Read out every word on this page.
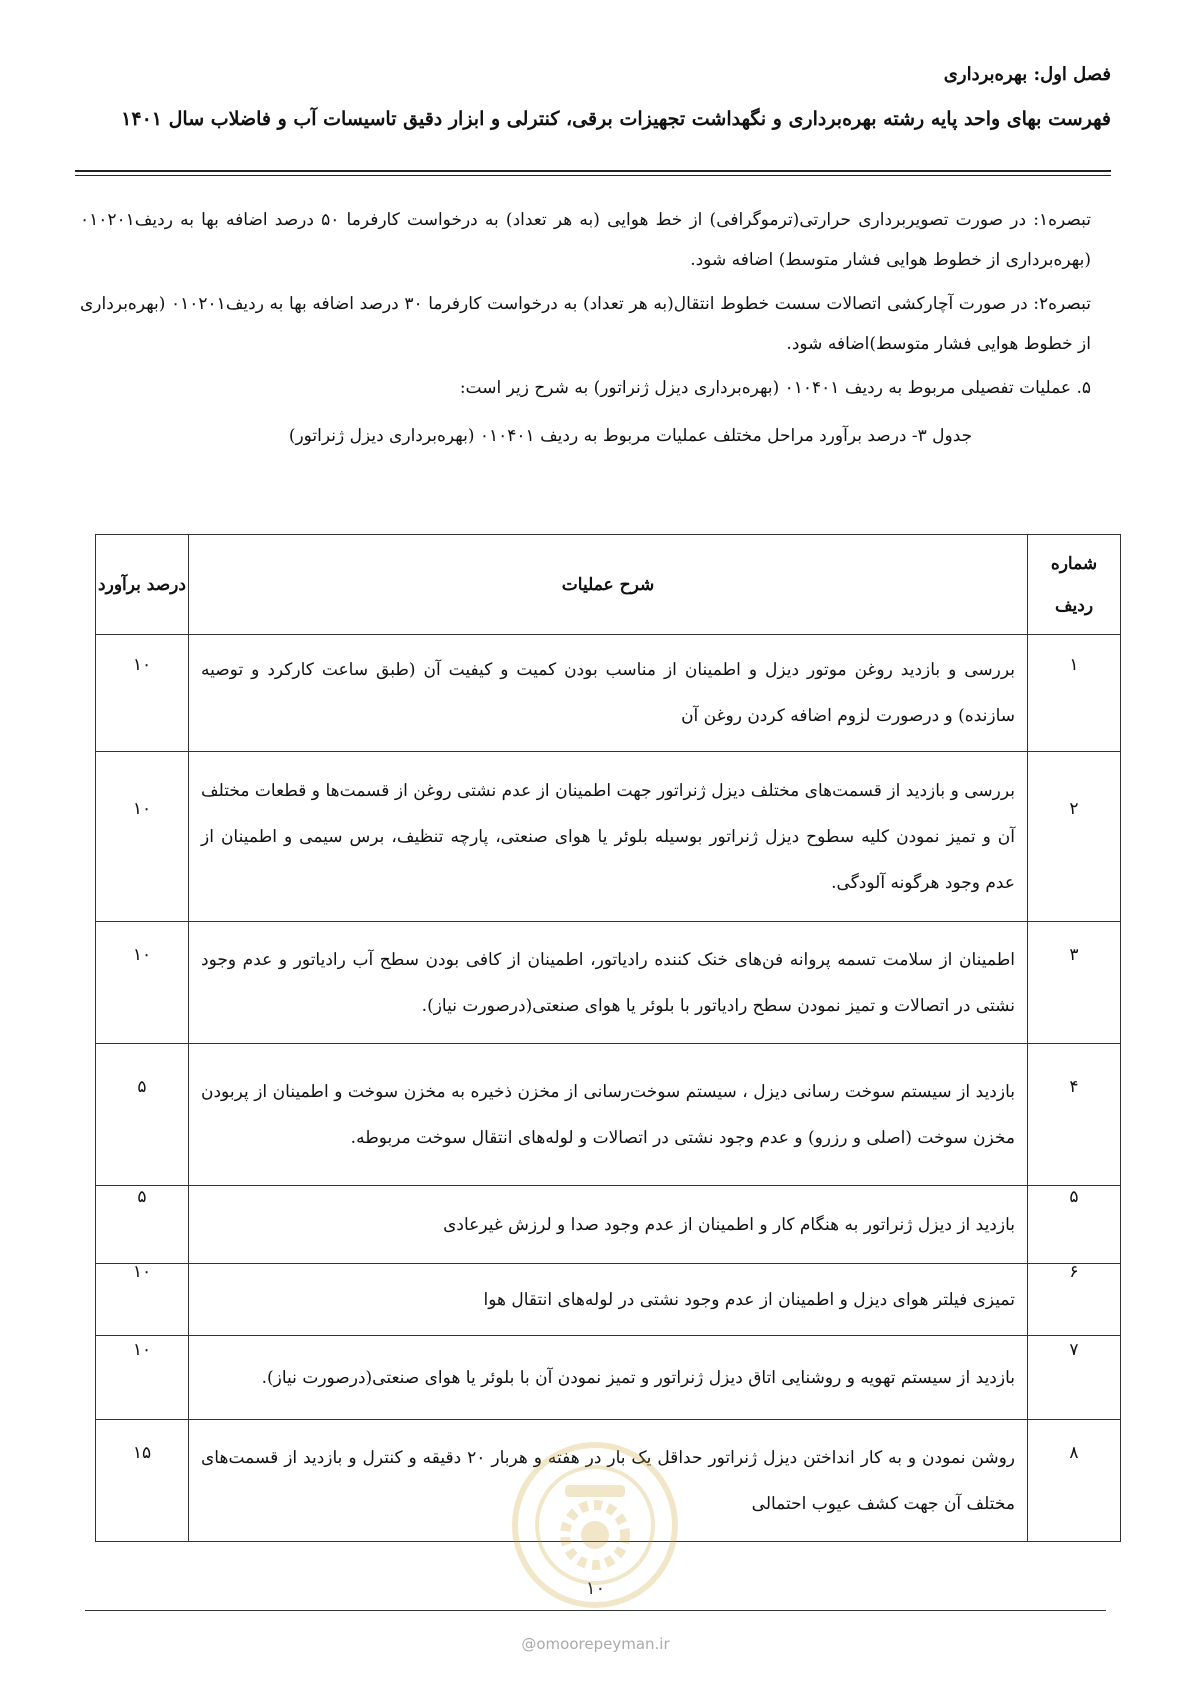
فصل اول: بهره‌برداری
فهرست بهای واحد پایه رشته بهره‌برداری و نگهداشت تجهیزات برقی، کنترلی و ابزار دقیق تاسیسات آب و فاضلاب سال ۱۴۰۱

تبصره۱: در صورت تصویربرداری حرارتی(ترموگرافی) از خط هوایی (به هر تعداد) به درخواست کارفرما ۵۰ درصد اضافه بها به ردیف۰۱۰۲۰۱ (بهره‌برداری از خطوط هوایی فشار متوسط) اضافه شود.

تبصره۲: در صورت آچارکشی اتصالات سست خطوط انتقال(به هر تعداد) به درخواست کارفرما ۳۰ درصد اضافه بها به ردیف۰۱۰۲۰۱ (بهره‌برداری از خطوط هوایی فشار متوسط)اضافه شود.

۵. عملیات تفصیلی مربوط به ردیف ۰۱۰۴۰۱ (بهره‌برداری دیزل ژنراتور) به شرح زیر است:

جدول ۳- درصد برآورد مراحل مختلف عملیات مربوط به ردیف ۰۱۰۴۰۱ (بهره‌برداری دیزل ژنراتور)
شماره ردیف	شرح عملیات	درصد برآورد

۱	بررسی و بازدید روغن موتور دیزل و اطمینان از مناسب بودن کمیت و کیفیت آن (طبق ساعت کارکرد و توصیه سازنده) و درصورت لزوم اضافه کردن روغن آن	۱۰

۲	بررسی و بازدید از قسمت‌های مختلف دیزل ژنراتور جهت اطمینان از عدم نشتی روغن از قسمت‌ها و قطعات مختلف آن و تمیز نمودن کلیه سطوح دیزل ژنراتور بوسیله بلوئر یا هوای صنعتی، پارچه تنظیف، برس سیمی و اطمینان از عدم وجود هرگونه آلودگی.	۱۰

۳	اطمینان از سلامت تسمه پروانه فن‌های خنک کننده رادیاتور، اطمینان از کافی بودن سطح آب رادیاتور و عدم وجود نشتی در اتصالات و تمیز نمودن سطح رادیاتور با بلوئر یا هوای صنعتی(درصورت نیاز).	۱۰

۴	بازدید از سیستم سوخت رسانی دیزل ، سیستم سوخت‌رسانی از مخزن ذخیره به مخزن سوخت و اطمینان از پربودن مخزن سوخت (اصلی و رزرو) و عدم وجود نشتی در اتصالات و لوله‌های انتقال سوخت مربوطه.	۵

۵	بازدید از دیزل ژنراتور به هنگام کار و اطمینان از عدم وجود صدا و لرزش غیرعادی	۵

۶	تمیزی فیلتر هوای دیزل و اطمینان از عدم وجود نشتی در لوله‌های انتقال هوا	۱۰

۷	بازدید از سیستم تهویه و روشنایی اتاق دیزل ژنراتور و تمیز نمودن آن با بلوئر یا هوای صنعتی(درصورت نیاز).	۱۰

۸	روشن نمودن و به کار انداختن دیزل ژنراتور حداقل یک بار در هفته و هربار ۲۰ دقیقه و کنترل و بازدید از قسمت‌های مختلف آن جهت کشف عیوب احتمالی	۱۵
۱۰
@omoorepeyman.ir
